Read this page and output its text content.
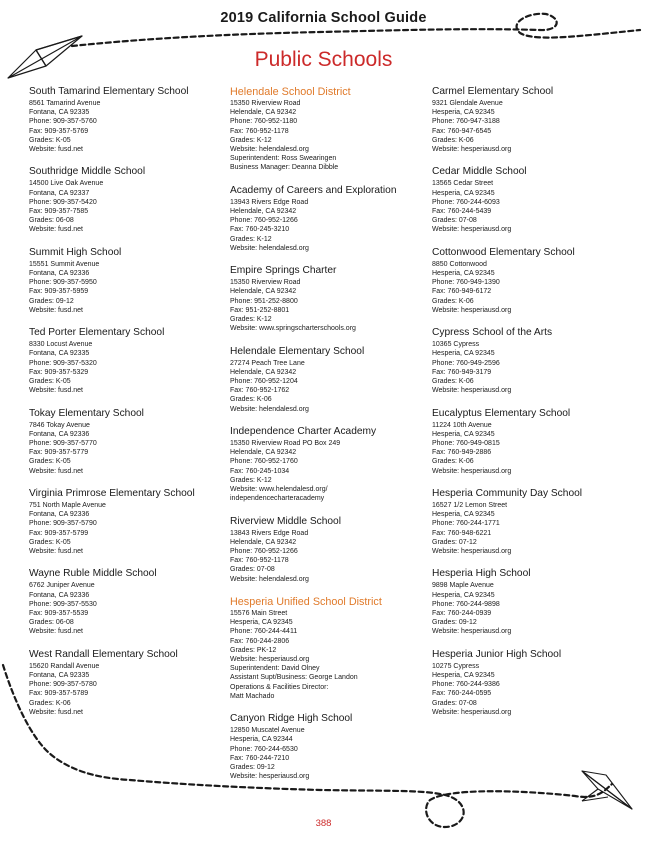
2019 California School Guide
Public Schools
South Tamarind Elementary School
8561 Tamarind Avenue
Fontana, CA 92335
Phone: 909-357-5760
Fax: 909-357-5769
Grades: K-05
Website: fusd.net
Southridge Middle School
14500 Live Oak Avenue
Fontana, CA 92337
Phone: 909-357-5420
Fax: 909-357-7585
Grades: 06-08
Website: fusd.net
Summit High School
15551 Summit Avenue
Fontana, CA 92336
Phone: 909-357-5950
Fax: 909-357-5959
Grades: 09-12
Website: fusd.net
Ted Porter Elementary School
8330 Locust Avenue
Fontana, CA 92335
Phone: 909-357-5320
Fax: 909-357-5329
Grades: K-05
Website: fusd.net
Tokay Elementary School
7846 Tokay Avenue
Fontana, CA 92336
Phone: 909-357-5770
Fax: 909-357-5779
Grades: K-05
Website: fusd.net
Virginia Primrose Elementary School
751 North Maple Avenue
Fontana, CA 92336
Phone: 909-357-5790
Fax: 909-357-5799
Grades: K-05
Website: fusd.net
Wayne Ruble Middle School
6762 Juniper Avenue
Fontana, CA 92336
Phone: 909-357-5530
Fax: 909-357-5539
Grades: 06-08
Website: fusd.net
West Randall Elementary School
15620 Randall Avenue
Fontana, CA 92335
Phone: 909-357-5780
Fax: 909-357-5789
Grades: K-06
Website: fusd.net
Helendale School District
15350 Riverview Road
Helendale, CA 92342
Phone: 760-952-1180
Fax: 760-952-1178
Grades: K-12
Website: helendalesd.org
Superintendent: Ross Swearingen
Business Manager: Deanna Dibble
Academy of Careers and Exploration
13943 Rivers Edge Road
Helendale, CA 92342
Phone: 760-952-1266
Fax: 760-245-3210
Grades: K-12
Website: helendalesd.org
Empire Springs Charter
15350 Riverview Road
Helendale, CA 92342
Phone: 951-252-8800
Fax: 951-252-8801
Grades: K-12
Website: www.springscharterschools.org
Helendale Elementary School
27274 Peach Tree Lane
Helendale, CA 92342
Phone: 760-952-1204
Fax: 760-952-1762
Grades: K-06
Website: helendalesd.org
Independence Charter Academy
15350 Riverview Road PO Box 249
Helendale, CA 92342
Phone: 760-952-1760
Fax: 760-245-1034
Grades: K-12
Website: www.helendalesd.org/
independencecharteracademy
Riverview Middle School
13843 Rivers Edge Road
Helendale, CA 92342
Phone: 760-952-1266
Fax: 760-952-1178
Grades: 07-08
Website: helendalesd.org
Hesperia Unified School District
15576 Main Street
Hesperia, CA 92345
Phone: 760-244-4411
Fax: 760-244-2806
Grades: PK-12
Website: hesperiausd.org
Superintendent: David Olney
Assistant Supt/Business: George Landon
Operations & Facilities Director:
Matt Machado
Canyon Ridge High School
12850 Muscatel Avenue
Hesperia, CA 92344
Phone: 760-244-6530
Fax: 760-244-7210
Grades: 09-12
Website: hesperiausd.org
Carmel Elementary School
9321 Glendale Avenue
Hesperia, CA 92345
Phone: 760-947-3188
Fax: 760-947-6545
Grades: K-06
Website: hesperiausd.org
Cedar Middle School
13565 Cedar Street
Hesperia, CA 92345
Phone: 760-244-6093
Fax: 760-244-5439
Grades: 07-08
Website: hesperiausd.org
Cottonwood Elementary School
8850 Cottonwood
Hesperia, CA 92345
Phone: 760-949-1390
Fax: 760-949-6172
Grades: K-06
Website: hesperiausd.org
Cypress School of the Arts
10365 Cypress
Hesperia, CA 92345
Phone: 760-949-2596
Fax: 760-949-3179
Grades: K-06
Website: hesperiausd.org
Eucalyptus Elementary School
11224 10th Avenue
Hesperia, CA 92345
Phone: 760-949-0815
Fax: 760-949-2886
Grades: K-06
Website: hesperiausd.org
Hesperia Community Day School
16527 1/2 Lemon Street
Hesperia, CA 92345
Phone: 760-244-1771
Fax: 760-948-6221
Grades: 07-12
Website: hesperiausd.org
Hesperia High School
9898 Maple Avenue
Hesperia, CA 92345
Phone: 760-244-9898
Fax: 760-244-0939
Grades: 09-12
Website: hesperiausd.org
Hesperia Junior High School
10275 Cypress
Hesperia, CA 92345
Phone: 760-244-9386
Fax: 760-244-0595
Grades: 07-08
Website: hesperiausd.org
388
